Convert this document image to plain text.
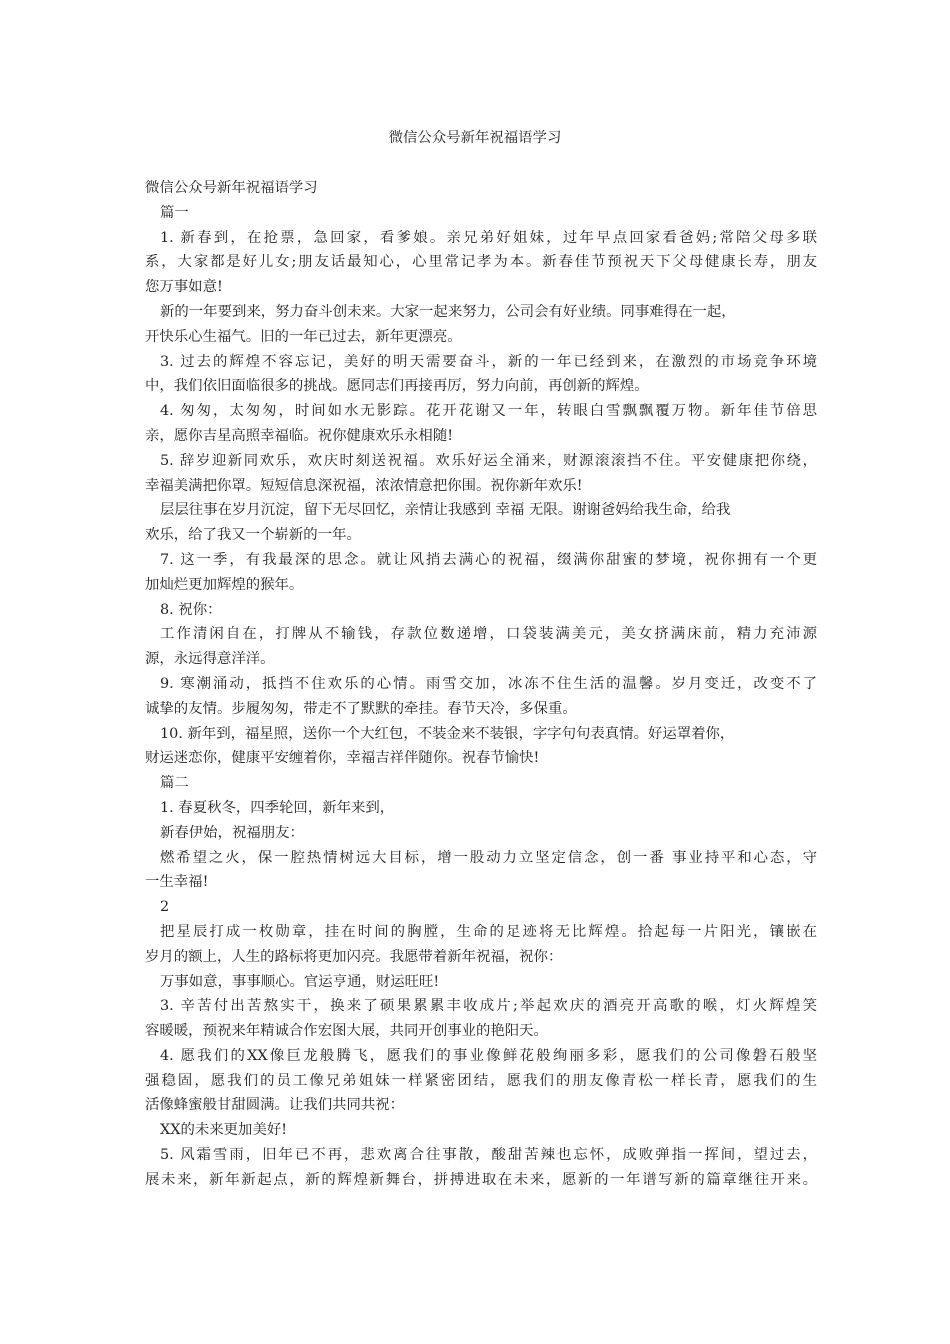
微信公众号新年祝福语学习
微信公众号新年祝福语学习
篇一
1. 新春到，在抢票，急回家，看爹娘。亲兄弟好姐妹，过年早点回家看爸妈;常陪父母多联
系，大家都是好儿女;朋友话最知心，心里常记孝为本。新春佳节预祝天下父母健康长寿，朋友
您万事如意!
新的一年要到来，努力奋斗创未来。大家一起来努力，公司会有好业绩。同事难得在一起，
开快乐心生福气。旧的一年已过去，新年更漂亮。
3. 过去的辉煌不容忘记，美好的明天需要奋斗，新的一年已经到来，在激烈的市场竞争环境
中，我们依旧面临很多的挑战。愿同志们再接再厉，努力向前，再创新的辉煌。
4. 匆匆，太匆匆，时间如水无影踪。花开花谢又一年，转眼白雪飘飘覆万物。新年佳节倍思
亲，愿你吉星高照幸福临。祝你健康欢乐永相随!
5. 辞岁迎新同欢乐，欢庆时刻送祝福。欢乐好运全涌来，财源滚滚挡不住。平安健康把你绕，
幸福美满把你罩。短短信息深祝福，浓浓情意把你围。祝你新年欢乐!
层层往事在岁月沉淀，留下无尽回忆，亲情让我感到 幸福 无限。谢谢爸妈给我生命，给我
欢乐，给了我又一个崭新的一年。
7. 这一季，有我最深的思念。就让风捎去满心的祝福，缀满你甜蜜的梦境，祝你拥有一个更
加灿烂更加辉煌的猴年。
8. 祝你：
工作清闲自在，打牌从不输钱，存款位数递增，口袋装满美元，美女挤满床前，精力充沛源
源，永远得意洋洋。
9. 寒潮涌动，抵挡不住欢乐的心情。雨雪交加，冰冻不住生活的温馨。岁月变迁，改变不了
诚挚的友情。步履匆匆，带走不了默默的牵挂。春节天冷，多保重。
10. 新年到，福星照，送你一个大红包，不装金来不装银，字字句句表真情。好运罩着你，
财运迷恋你，健康平安缠着你，幸福吉祥伴随你。祝春节愉快!
篇二
1. 春夏秋冬，四季轮回，新年来到，
新春伊始，祝福朋友：
燃希望之火，保一腔热情树远大目标，增一股动力立坚定信念，创一番 事业持平和心态，守
一生幸福!
2
把星辰打成一枚勋章，挂在时间的胸膛，生命的足迹将无比辉煌。拾起每一片阳光，镶嵌在
岁月的额上，人生的路标将更加闪亮。我愿带着新年祝福，祝你：
万事如意，事事顺心。官运亨通，财运旺旺!
3. 辛苦付出苦熬实干，换来了硕果累累丰收成片;举起欢庆的酒亮开高歌的喉，灯火辉煌笑
容暖暖，预祝来年精诚合作宏图大展，共同开创事业的艳阳天。
4. 愿我们的XX像巨龙般腾飞，愿我们的事业像鲜花般绚丽多彩，愿我们的公司像磐石般坚
强稳固，愿我们的员工像兄弟姐妹一样紧密团结，愿我们的朋友像青松一样长青，愿我们的生
活像蜂蜜般甘甜圆满。让我们共同共祝：
XX的未来更加美好!
5. 风霜雪雨，旧年已不再，悲欢离合往事散，酸甜苦辣也忘怀，成败弹指一挥间，望过去，
展未来，新年新起点，新的辉煌新舞台，拼搏进取在未来，愿新的一年谱写新的篇章继往开来。
